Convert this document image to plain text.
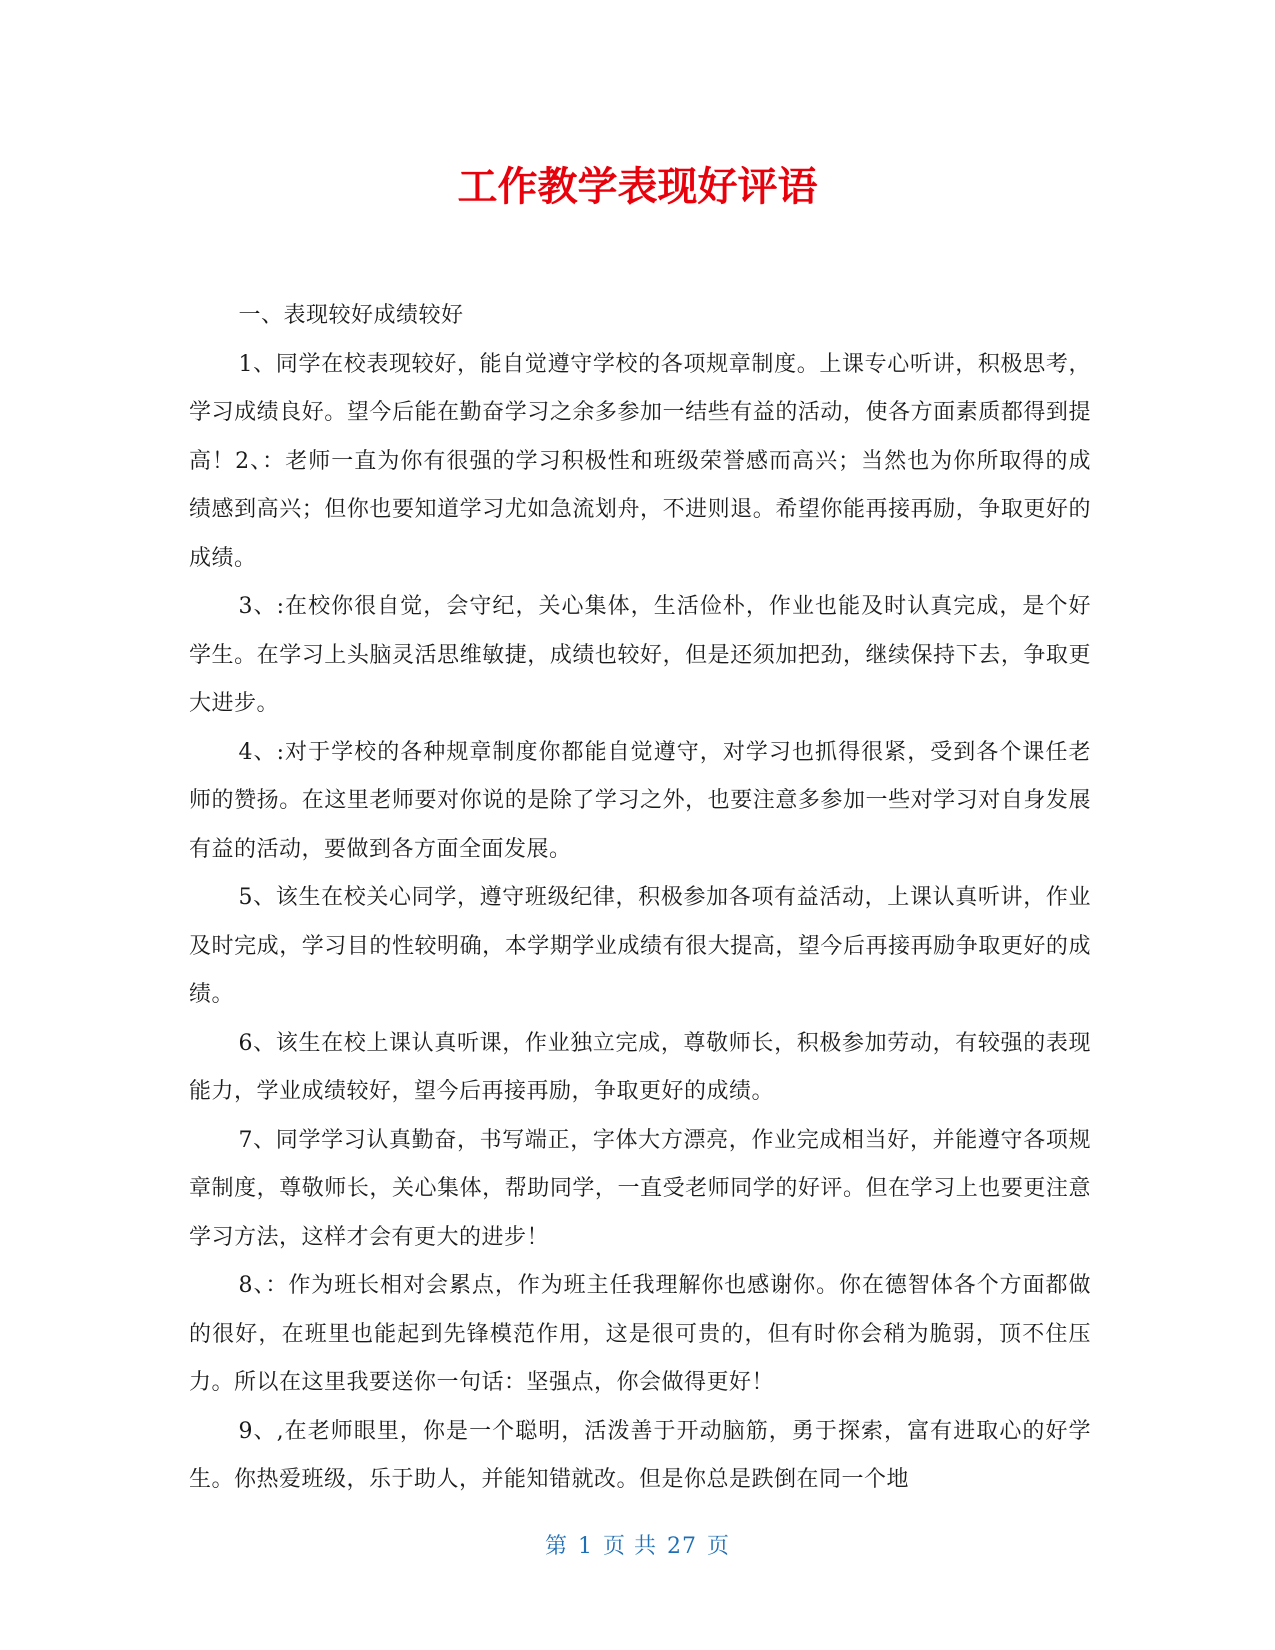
工作教学表现好评语

一、表现较好成绩较好

1、同学在校表现较好，能自觉遵守学校的各项规章制度。上课专心听讲，积极思考，学习成绩良好。望今后能在勤奋学习之余多参加一结些有益的活动，使各方面素质都得到提高！2、：老师一直为你有很强的学习积极性和班级荣誉感而高兴；当然也为你所取得的成绩感到高兴；但你也要知道学习尤如急流划舟，不进则退。希望你能再接再励，争取更好的成绩。

3、:在校你很自觉，会守纪，关心集体，生活俭朴，作业也能及时认真完成，是个好学生。在学习上头脑灵活思维敏捷，成绩也较好，但是还须加把劲，继续保持下去，争取更大进步。

4、:对于学校的各种规章制度你都能自觉遵守，对学习也抓得很紧，受到各个课任老师的赞扬。在这里老师要对你说的是除了学习之外，也要注意多参加一些对学习对自身发展有益的活动，要做到各方面全面发展。

5、该生在校关心同学，遵守班级纪律，积极参加各项有益活动，上课认真听讲，作业及时完成，学习目的性较明确，本学期学业成绩有很大提高，望今后再接再励争取更好的成绩。

6、该生在校上课认真听课，作业独立完成，尊敬师长，积极参加劳动，有较强的表现能力，学业成绩较好，望今后再接再励，争取更好的成绩。

7、同学学习认真勤奋，书写端正，字体大方漂亮，作业完成相当好，并能遵守各项规章制度，尊敬师长，关心集体，帮助同学，一直受老师同学的好评。但在学习上也要更注意学习方法，这样才会有更大的进步！

8、：作为班长相对会累点，作为班主任我理解你也感谢你。你在德智体各个方面都做的很好，在班里也能起到先锋模范作用，这是很可贵的，但有时你会稍为脆弱，顶不住压力。所以在这里我要送你一句话：坚强点，你会做得更好！

9、,在老师眼里，你是一个聪明，活泼善于开动脑筋，勇于探索，富有进取心的好学生。你热爱班级，乐于助人，并能知错就改。但是你总是跌倒在同一个地

第 1 页 共 27 页
